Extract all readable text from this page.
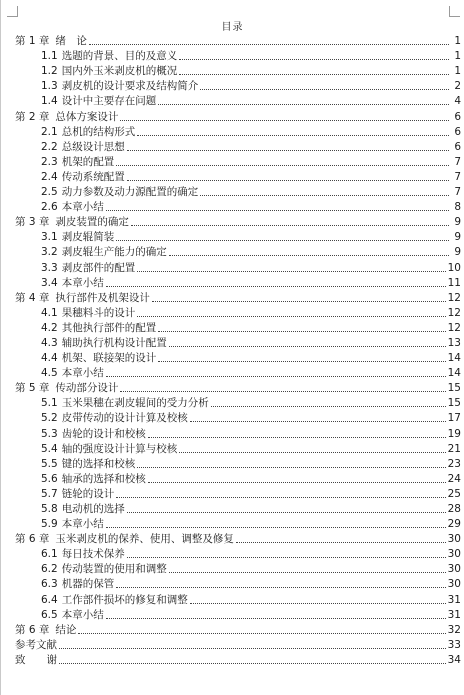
目录
第 1 章 绪　论	1
1.1 选题的背景、目的及意义	1
1.2 国内外玉米剥皮机的概况	1
1.3 剥皮机的设计要求及结构简介	2
1.4 设计中主要存在问题	4
第 2 章 总体方案设计	6
2.1 总机的结构形式	6
2.2 总级设计思想	6
2.3 机架的配置	7
2.4 传动系统配置	7
2.5 动力参数及动力源配置的确定	7
2.6 本章小结	8
第 3 章 剥皮装置的确定	9
3.1 剥皮辊简装	9
3.2 剥皮辊生产能力的确定	9
3.3 剥皮部件的配置	10
3.4 本章小结	11
第 4 章 执行部件及机架设计	12
4.1 果穗料斗的设计	12
4.2 其他执行部件的配置	12
4.3 辅助执行机构设计配置	13
4.4 机架、联接架的设计	14
4.5 本章小结	14
第 5 章 传动部分设计	15
5.1 玉米果穗在剥皮辊间的受力分析	15
5.2 皮带传动的设计计算及校核	17
5.3 齿轮的设计和校核	19
5.4 轴的强度设计计算与校核	21
5.5 键的选择和校核	23
5.6 轴承的选择和校核	24
5.7 链轮的设计	25
5.8 电动机的选择	28
5.9 本章小结	29
第 6 章 玉米剥皮机的保养、使用、调整及修复	30
6.1 每日技术保养	30
6.2 传动装置的使用和调整	30
6.3 机器的保管	30
6.4 工作部件损坏的修复和调整	31
6.5 本章小结	31
第 6 章 结论	32
参考文献	33
致　　谢	34
